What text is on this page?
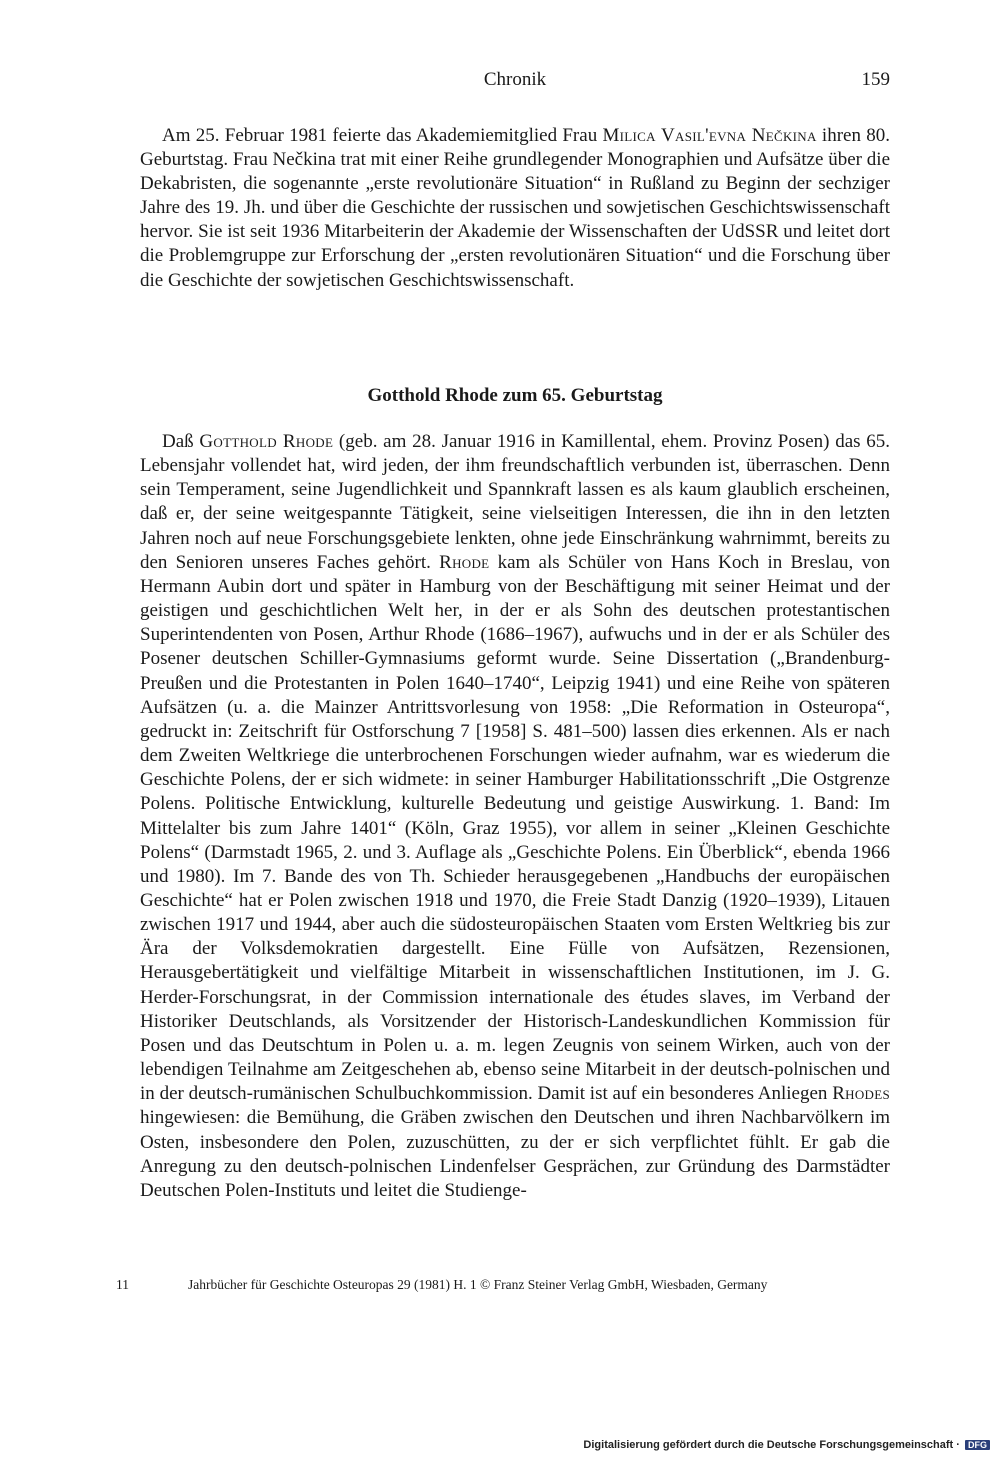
Chronik	159

Am 25. Februar 1981 feierte das Akademiemitglied Frau Milica Vasil'evna Nečkina ihren 80. Geburtstag. Frau Nečkina trat mit einer Reihe grundlegender Monographien und Aufsätze über die Dekabristen, die sogenannte „erste revolutionäre Situation“ in Rußland zu Beginn der sechziger Jahre des 19. Jh. und über die Geschichte der russischen und sowjetischen Geschichtswissenschaft hervor. Sie ist seit 1936 Mitarbeiterin der Akademie der Wissenschaften der UdSSR und leitet dort die Problemgruppe zur Erforschung der „ersten revolutionären Situation“ und die Forschung über die Geschichte der sowjetischen Geschichtswissenschaft.

Gotthold Rhode zum 65. Geburtstag

Daß Gotthold Rhode (geb. am 28. Januar 1916 in Kamillental, ehem. Provinz Posen) das 65. Lebensjahr vollendet hat, wird jeden, der ihm freundschaftlich verbunden ist, überraschen. Denn sein Temperament, seine Jugendlichkeit und Spannkraft lassen es als kaum glaublich erscheinen, daß er, der seine weitgespannte Tätigkeit, seine vielseitigen Interessen, die ihn in den letzten Jahren noch auf neue Forschungsgebiete lenkten, ohne jede Einschränkung wahrnimmt, bereits zu den Senioren unseres Faches gehört. Rhode kam als Schüler von Hans Koch in Breslau, von Hermann Aubin dort und später in Hamburg von der Beschäftigung mit seiner Heimat und der geistigen und geschichtlichen Welt her, in der er als Sohn des deutschen protestantischen Superintendenten von Posen, Arthur Rhode (1686–1967), aufwuchs und in der er als Schüler des Posener deutschen Schiller-Gymnasiums geformt wurde. Seine Dissertation („Brandenburg-Preußen und die Protestanten in Polen 1640–1740“, Leipzig 1941) und eine Reihe von späteren Aufsätzen (u. a. die Mainzer Antrittsvorlesung von 1958: „Die Reformation in Osteuropa“, gedruckt in: Zeitschrift für Ostforschung 7 [1958] S. 481–500) lassen dies erkennen. Als er nach dem Zweiten Weltkriege die unterbrochenen Forschungen wieder aufnahm, war es wiederum die Geschichte Polens, der er sich widmete: in seiner Hamburger Habilitationsschrift „Die Ostgrenze Polens. Politische Entwicklung, kulturelle Bedeutung und geistige Auswirkung. 1. Band: Im Mittelalter bis zum Jahre 1401“ (Köln, Graz 1955), vor allem in seiner „Kleinen Geschichte Polens“ (Darmstadt 1965, 2. und 3. Auflage als „Geschichte Polens. Ein Überblick“, ebenda 1966 und 1980). Im 7. Bande des von Th. Schieder herausgegebenen „Handbuchs der europäischen Geschichte“ hat er Polen zwischen 1918 und 1970, die Freie Stadt Danzig (1920–1939), Litauen zwischen 1917 und 1944, aber auch die südosteuropäischen Staaten vom Ersten Weltkrieg bis zur Ära der Volksdemokratien dargestellt. Eine Fülle von Aufsätzen, Rezensionen, Herausgebertätigkeit und vielfältige Mitarbeit in wissenschaftlichen Institutionen, im J. G. Herder-Forschungsrat, in der Commission internationale des études slaves, im Verband der Historiker Deutschlands, als Vorsitzender der Historisch-Landeskundlichen Kommission für Posen und das Deutschtum in Polen u. a. m. legen Zeugnis von seinem Wirken, auch von der lebendigen Teilnahme am Zeitgeschehen ab, ebenso seine Mitarbeit in der deutsch-polnischen und in der deutsch-rumänischen Schulbuchkommission. Damit ist auf ein besonderes Anliegen Rhodes hingewiesen: die Bemühung, die Gräben zwischen den Deutschen und ihren Nachbarvölkern im Osten, insbesondere den Polen, zuzuschütten, zu der er sich verpflichtet fühlt. Er gab die Anregung zu den deutsch-polnischen Lindenfelser Gesprächen, zur Gründung des Darmstädter Deutschen Polen-Instituts und leitet die Studienge-

11	Jahrbücher für Geschichte Osteuropas 29 (1981) H. 1 © Franz Steiner Verlag GmbH, Wiesbaden, Germany
Digitalisierung gefördert durch die Deutsche Forschungsgemeinschaft · DFG
